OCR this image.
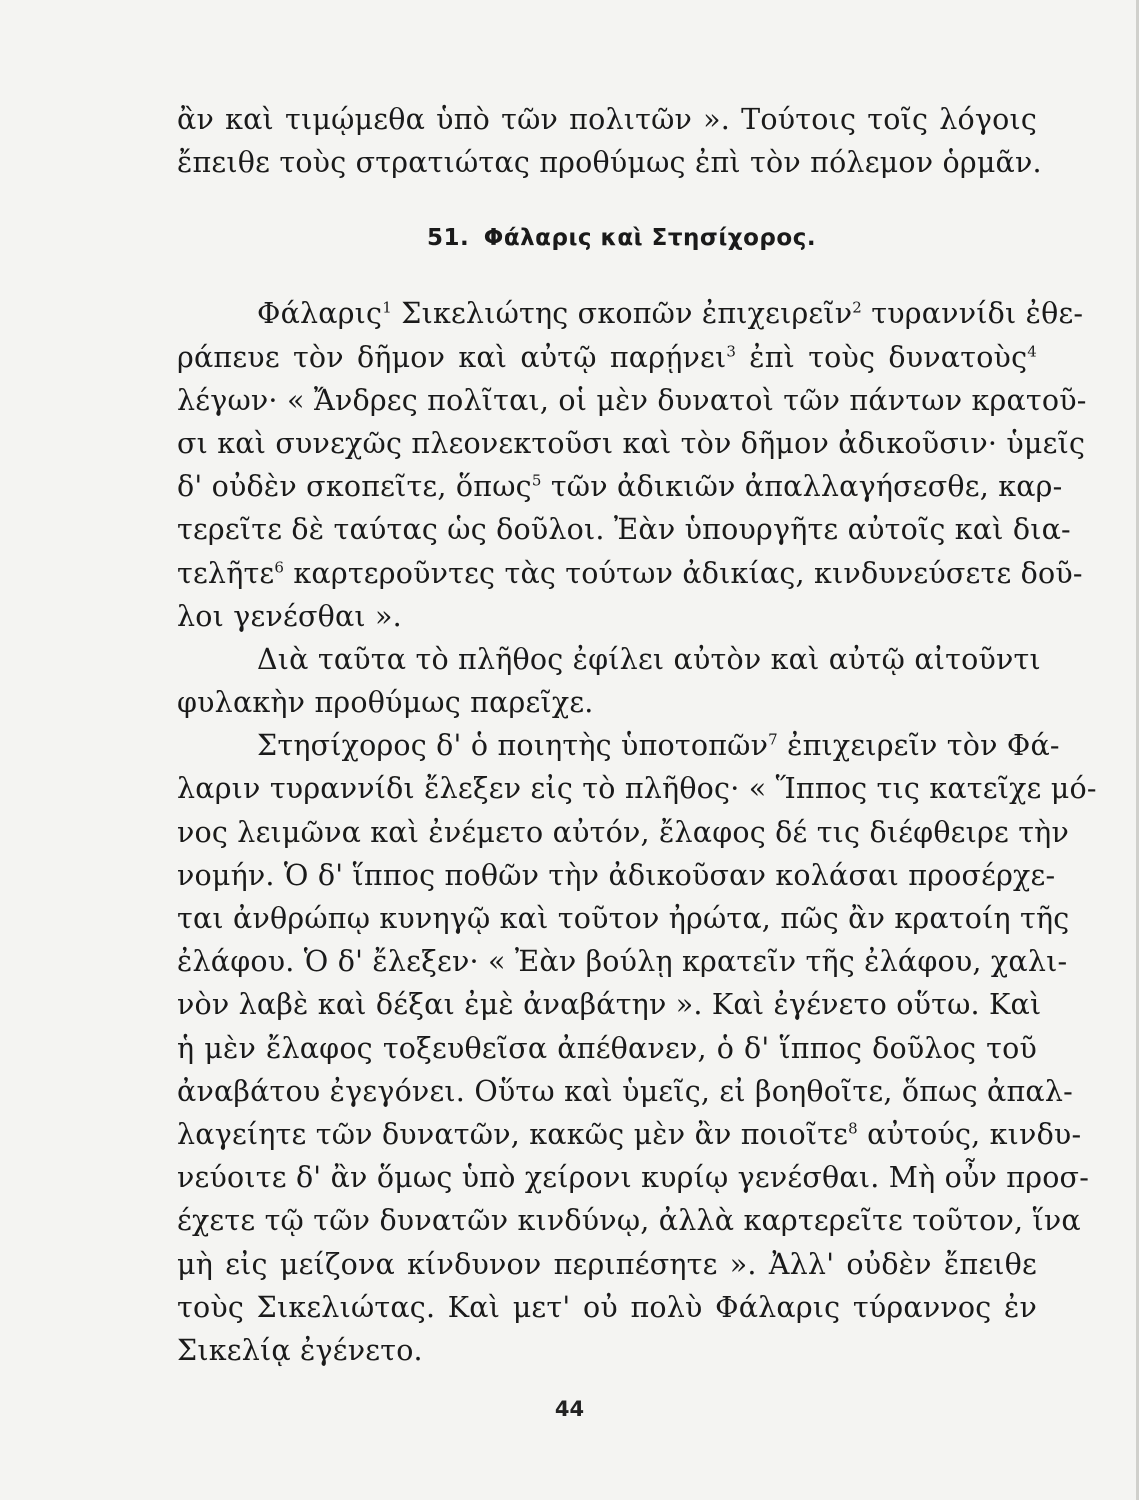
ἂν καὶ τιμῴμεθα ὑπὸ τῶν πολιτῶν ». Τούτοις τοῖς λόγοις
ἔπειθε τοὺς στρατιώτας προθύμως ἐπὶ τὸν πόλεμον ὁρμᾶν.
51. Φάλαρις καὶ Στησίχορος.
Φάλαρις$^1$ Σικελιώτης σκοπῶν ἐπιχειρεῖν$^2$ τυραννίδι ἐθε-
ράπευε τὸν δῆμον καὶ αὐτῷ παρῄνει$^3$ ἐπὶ τοὺς δυνατοὺς$^4$
λέγων· « Ἄνδρες πολῖται, οἱ μὲν δυνατοὶ τῶν πάντων κρατοῦ-
σι καὶ συνεχῶς πλεονεκτοῦσι καὶ τὸν δῆμον ἀδικοῦσιν· ὑμεῖς
δ' οὐδὲν σκοπεῖτε, ὅπως$^5$ τῶν ἀδικιῶν ἀπαλλαγήσεσθε, καρ-
τερεῖτε δὲ ταύτας ὡς δοῦλοι. Ἐὰν ὑπουργῆτε αὐτοῖς καὶ δια-
τελῆτε$^6$ καρτεροῦντες τὰς τούτων ἀδικίας, κινδυνεύσετε δοῦ-
λοι γενέσθαι ».
Διὰ ταῦτα τὸ πλῆθος ἐφίλει αὐτὸν καὶ αὐτῷ αἰτοῦντι
φυλακὴν προθύμως παρεῖχε.
Στησίχορος δ' ὁ ποιητὴς ὑποτοπῶν$^7$ ἐπιχειρεῖν τὸν Φά-
λαριν τυραννίδι ἔλεξεν εἰς τὸ πλῆθος· « Ἵππος τις κατεῖχε μό-
νος λειμῶνα καὶ ἐνέμετο αὐτόν, ἔλαφος δέ τις διέφθειρε τὴν
νομήν. Ὁ δ' ἵππος ποθῶν τὴν ἀδικοῦσαν κολάσαι προσέρχε-
ται ἀνθρώπῳ κυνηγῷ καὶ τοῦτον ἠρώτα, πῶς ἂν κρατοίη τῆς
ἐλάφου. Ὁ δ' ἔλεξεν· « Ἐὰν βούλῃ κρατεῖν τῆς ἐλάφου, χαλι-
νὸν λαβὲ καὶ δέξαι ἐμὲ ἀναβάτην ». Καὶ ἐγένετο οὕτω. Καὶ
ἡ μὲν ἔλαφος τοξευθεῖσα ἀπέθανεν, ὁ δ' ἵππος δοῦλος τοῦ
ἀναβάτου ἐγεγόνει. Οὕτω καὶ ὑμεῖς, εἰ βοηθοῖτε, ὅπως ἀπαλ-
λαγείητε τῶν δυνατῶν, κακῶς μὲν ἂν ποιοῖτε$^8$ αὐτούς, κινδυ-
νεύοιτε δ' ἂν ὅμως ὑπὸ χείρονι κυρίῳ γενέσθαι. Μὴ οὖν προσ-
έχετε τῷ τῶν δυνατῶν κινδύνῳ, ἀλλὰ καρτερεῖτε τοῦτον, ἵνα
μὴ εἰς μείζονα κίνδυνον περιπέσητε ». Ἀλλ' οὐδὲν ἔπειθε
τοὺς Σικελιώτας. Καὶ μετ' οὐ πολὺ Φάλαρις τύραννος ἐν
Σικελίᾳ ἐγένετο.
44
